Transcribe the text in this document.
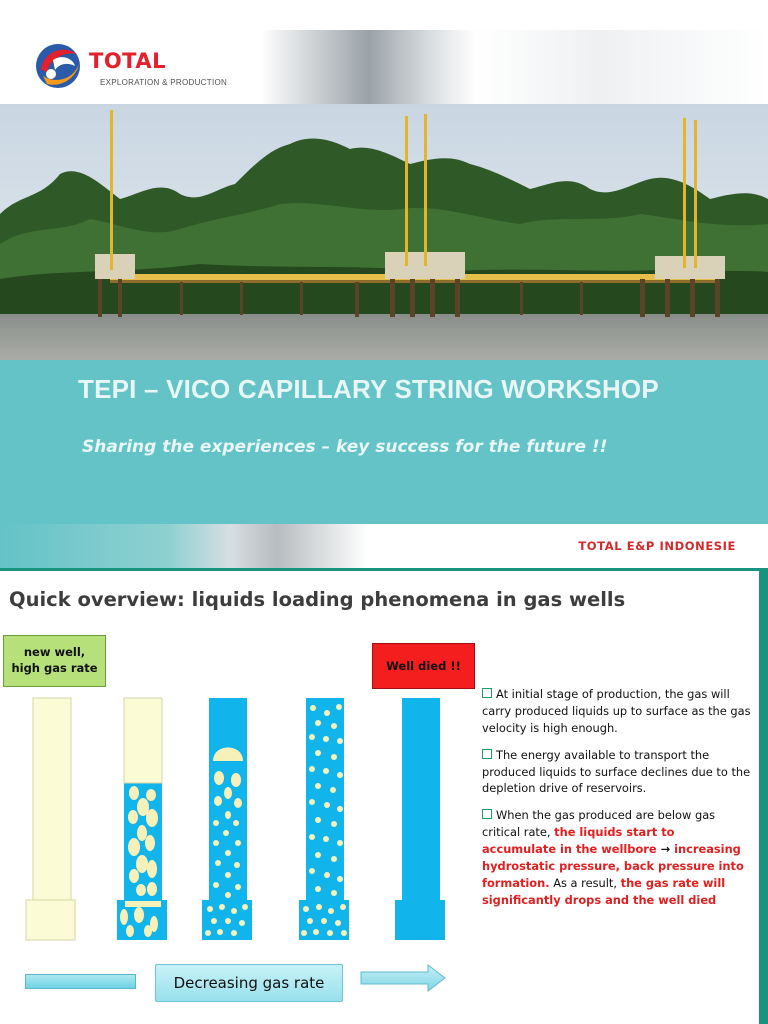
TOTAL
EXPLORATION & PRODUCTION
TEPI – VICO CAPILLARY STRING WORKSHOP
Sharing the experiences – key success for the future !!
TOTAL E&P INDONESIE
Quick overview: liquids loading phenomena in gas wells
new well,
high gas rate	Well died !!
At initial stage of production, the gas will carry produced liquids up to surface as the gas velocity is high enough.
The energy available to transport the produced liquids to surface declines due to the depletion drive of reservoirs.
When the gas produced are below gas critical rate, the liquids start to accumulate in the wellbore → increasing hydrostatic pressure, back pressure into formation. As a result, the gas rate will significantly drops and the well died
Decreasing gas rate
